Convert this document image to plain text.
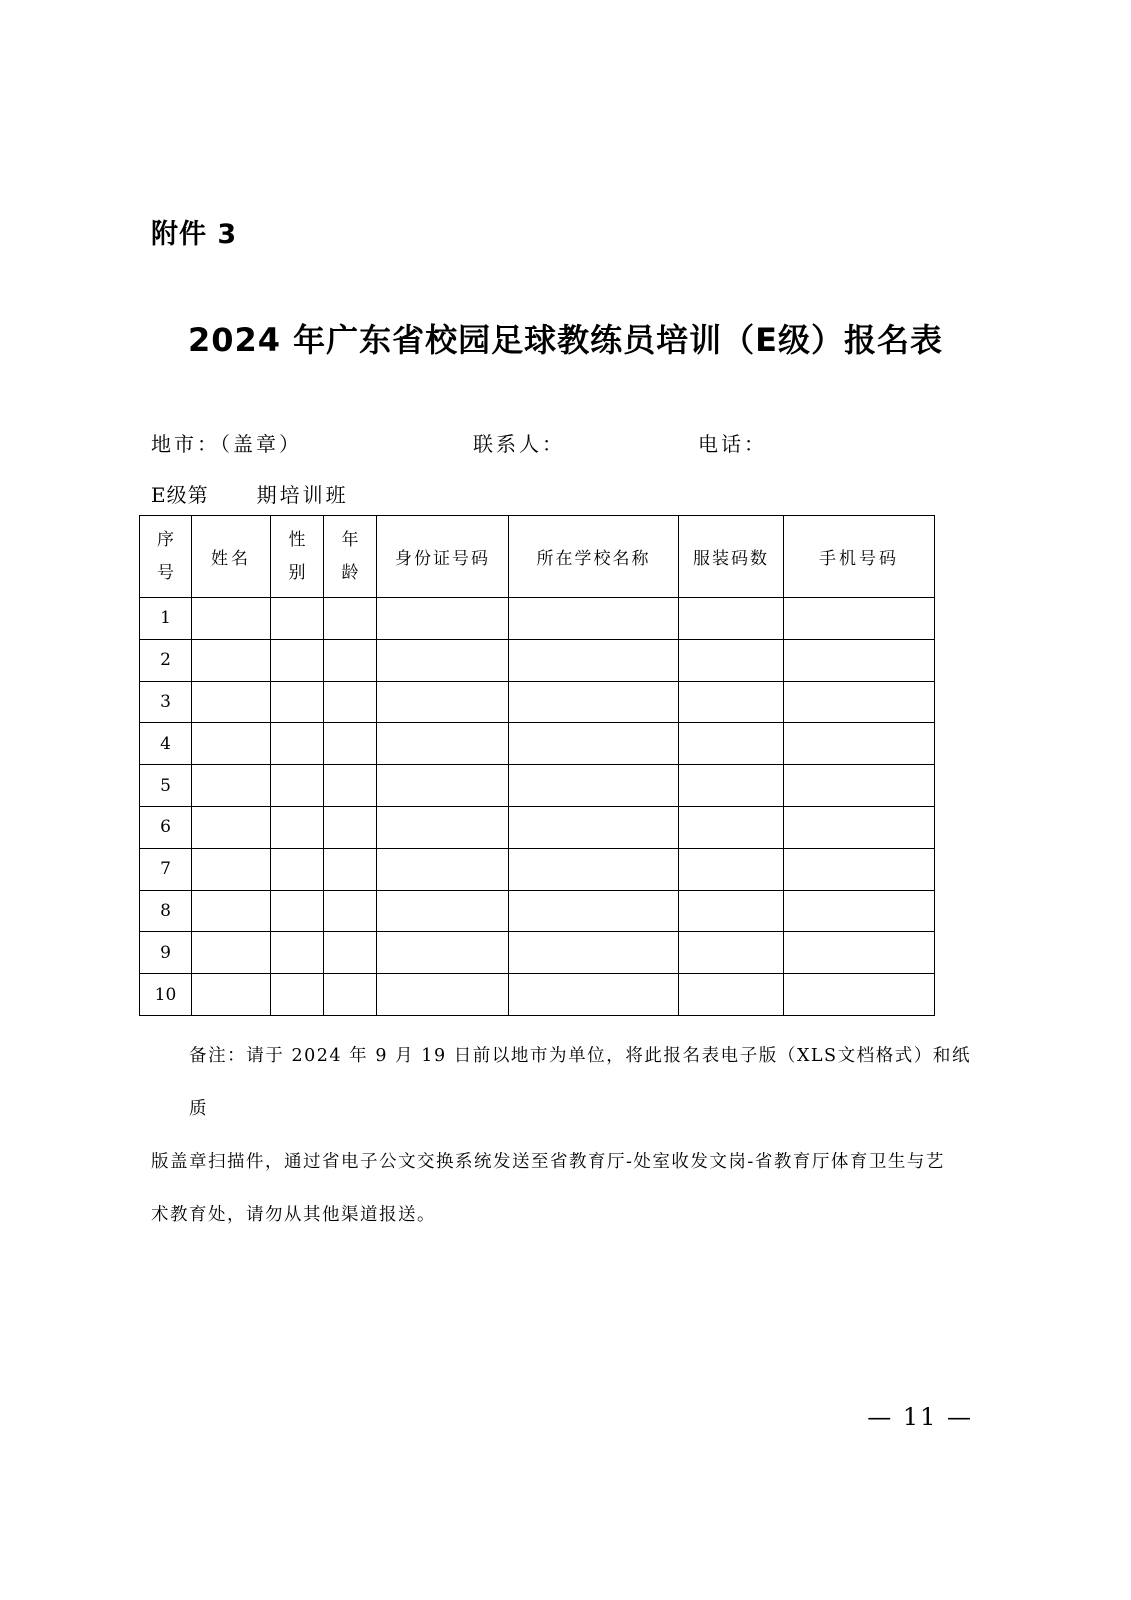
附件 3
2024 年广东省校园足球教练员培训（E级）报名表
地市：（盖章）	联系人：	电话：
E级第 期培训班
序号	姓名	性别	年龄	身份证号码	所在学校名称	服装码数	手机号码
1							
2							
3							
4							
5							
6							
7							
8							
9							
10							
备注：请于 2024 年 9 月 19 日前以地市为单位，将此报名表电子版（XLS文档格式）和纸质
版盖章扫描件，通过省电子公文交换系统发送至省教育厅-处室收发文岗-省教育厅体育卫生与艺
术教育处，请勿从其他渠道报送。
— 11 —
